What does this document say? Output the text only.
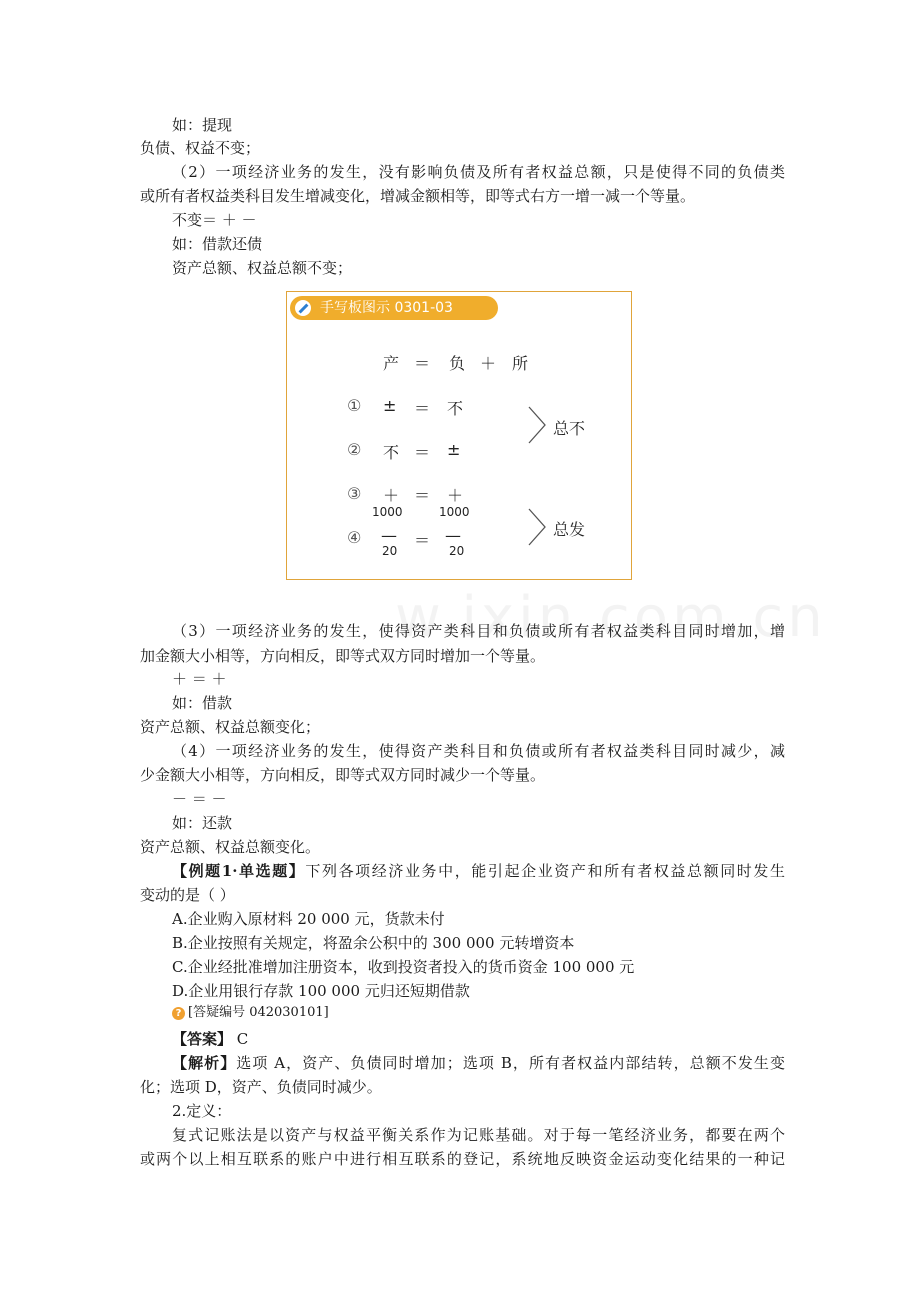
如：提现
负债、权益不变；
（2）一项经济业务的发生，没有影响负债及所有者权益总额，只是使得不同的负债类
或所有者权益类科目发生增减变化，增减金额相等，即等式右方一增一减一个等量。
不变＝ ＋ －
如：借款还债
资产总额、权益总额不变；
手写板图示 0301-03
产 ＝ 负 ＋ 所
① ± ＝ 不
② 不 ＝ ±
③ ＋ ＝ ＋
1000	1000
④ — ＝ —
20	20
总不
总发
（3）一项经济业务的发生，使得资产类科目和负债或所有者权益类科目同时增加，增
加金额大小相等，方向相反，即等式双方同时增加一个等量。
＋ ＝ ＋
如：借款
资产总额、权益总额变化；
（4）一项经济业务的发生，使得资产类科目和负债或所有者权益类科目同时减少，减
少金额大小相等，方向相反，即等式双方同时减少一个等量。
－ ＝ －
如：还款
资产总额、权益总额变化。
【例题1·单选题】下列各项经济业务中，能引起企业资产和所有者权益总额同时发生
变动的是（ ）
A.企业购入原材料 20 000 元，货款未付
B.企业按照有关规定，将盈余公积中的 300 000 元转增资本
C.企业经批准增加注册资本，收到投资者投入的货币资金 100 000 元
D.企业用银行存款 100 000 元归还短期借款
? [答疑编号 042030101]
【答案】 C
【解析】选项 A，资产、负债同时增加；选项 B，所有者权益内部结转，总额不发生变
化；选项 D，资产、负债同时减少。
2.定义：
复式记账法是以资产与权益平衡关系作为记账基础。对于每一笔经济业务，都要在两个
或两个以上相互联系的账户中进行相互联系的登记，系统地反映资金运动变化结果的一种记
